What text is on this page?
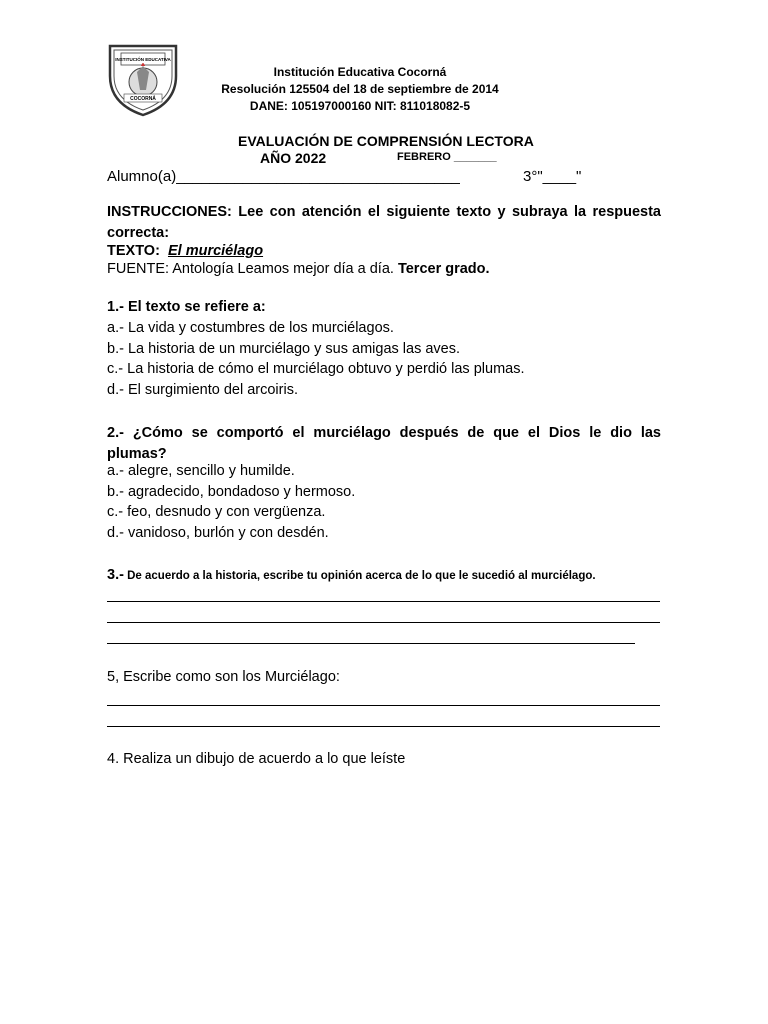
INSTITUCIÓN EDUCATIVA
COCORNÁ
Institución Educativa Cocorná
Resolución 125504 del 18 de septiembre de 2014
DANE: 105197000160 NIT: 811018082-5
EVALUACIÓN DE COMPRENSIÓN LECTORA
AÑO 2022	FEBRERO _______
Alumno(a)__________________________________	3°"____"
INSTRUCCIONES: Lee con atención el siguiente texto y subraya la respuesta correcta:
TEXTO: El murciélago
FUENTE: Antología Leamos mejor día a día. Tercer grado.
1.- El texto se refiere a:
a.- La vida y costumbres de los murciélagos.
b.- La historia de un murciélago y sus amigas las aves.
c.- La historia de cómo el murciélago obtuvo y perdió las plumas.
d.- El surgimiento del arcoiris.
2.- ¿Cómo se comportó el murciélago después de que el Dios le dio las plumas?
a.- alegre, sencillo y humilde.
b.- agradecido, bondadoso y hermoso.
c.- feo, desnudo y con vergüenza.
d.- vanidoso, burlón y con desdén.
3.- De acuerdo a la historia, escribe tu opinión acerca de lo que le sucedió al murciélago.
5, Escribe como son los Murciélago:
4. Realiza un dibujo de acuerdo a lo que leíste
